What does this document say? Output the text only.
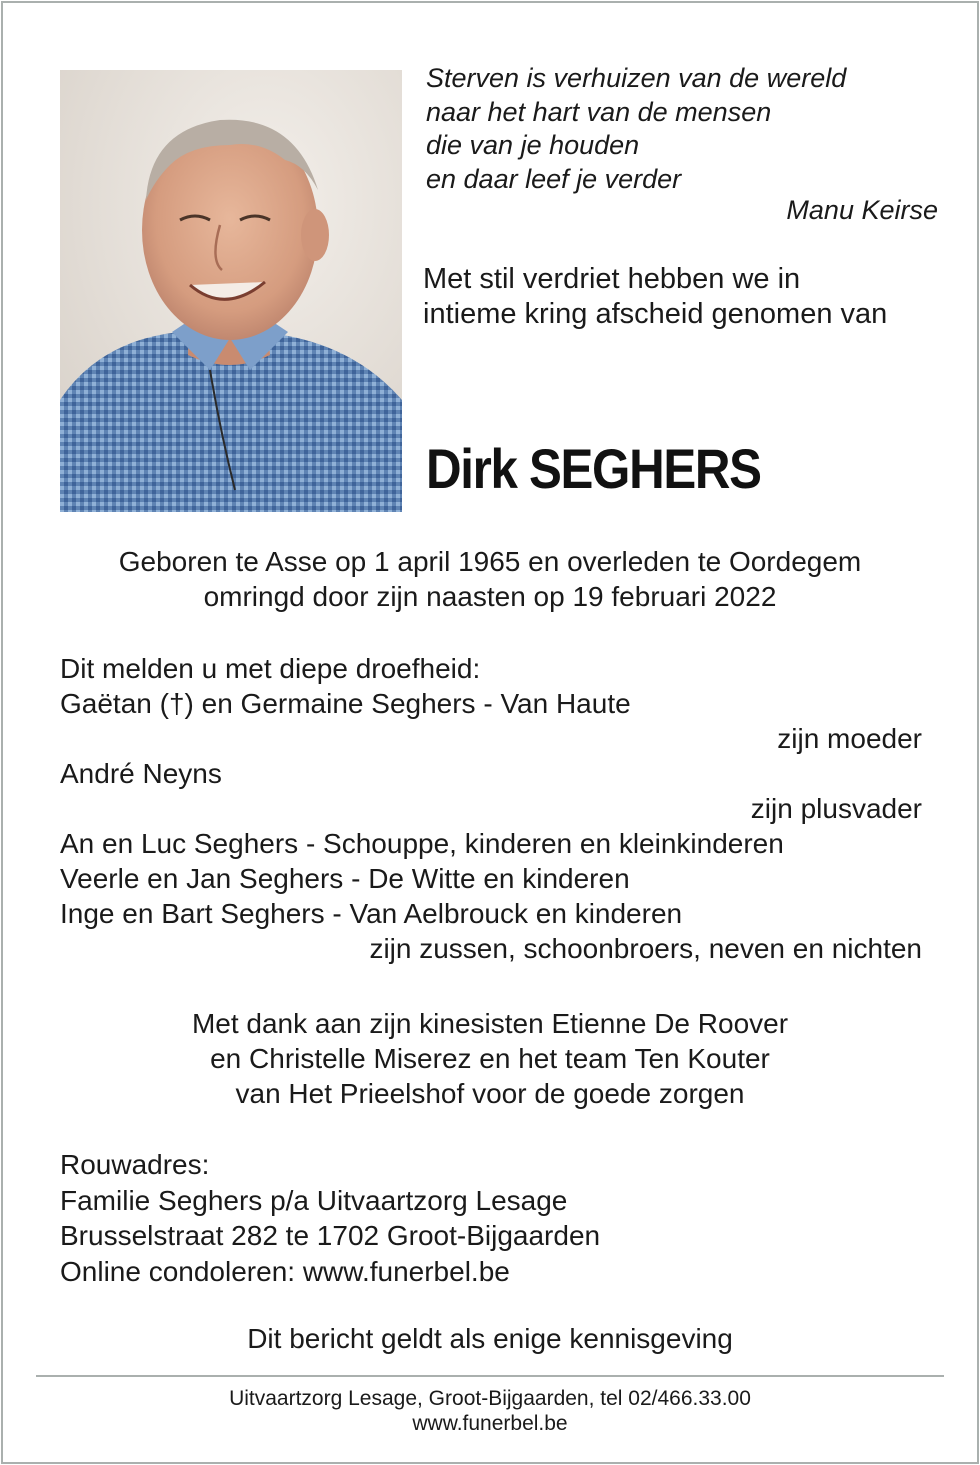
Sterven is verhuizen van de wereld
naar het hart van de mensen
die van je houden
en daar leef je verder
Manu Keirse
Met stil verdriet hebben we in
intieme kring afscheid genomen van
Dirk SEGHERS
Geboren te Asse op 1 april 1965 en overleden te Oordegem
omringd door zijn naasten op 19 februari 2022
Dit melden u met diepe droefheid:
Gaëtan (†) en Germaine Seghers - Van Haute
zijn moeder
André Neyns
zijn plusvader
An en Luc Seghers - Schouppe, kinderen en kleinkinderen
Veerle en Jan Seghers - De Witte en kinderen
Inge en Bart Seghers - Van Aelbrouck en kinderen
zijn zussen, schoonbroers, neven en nichten
Met dank aan zijn kinesisten Etienne De Roover
en Christelle Miserez en het team Ten Kouter
van Het Prieelshof voor de goede zorgen
Rouwadres:
Familie Seghers p/a Uitvaartzorg Lesage
Brusselstraat 282 te 1702 Groot-Bijgaarden
Online condoleren: www.funerbel.be
Dit bericht geldt als enige kennisgeving
Uitvaartzorg Lesage, Groot-Bijgaarden, tel 02/466.33.00
www.funerbel.be
